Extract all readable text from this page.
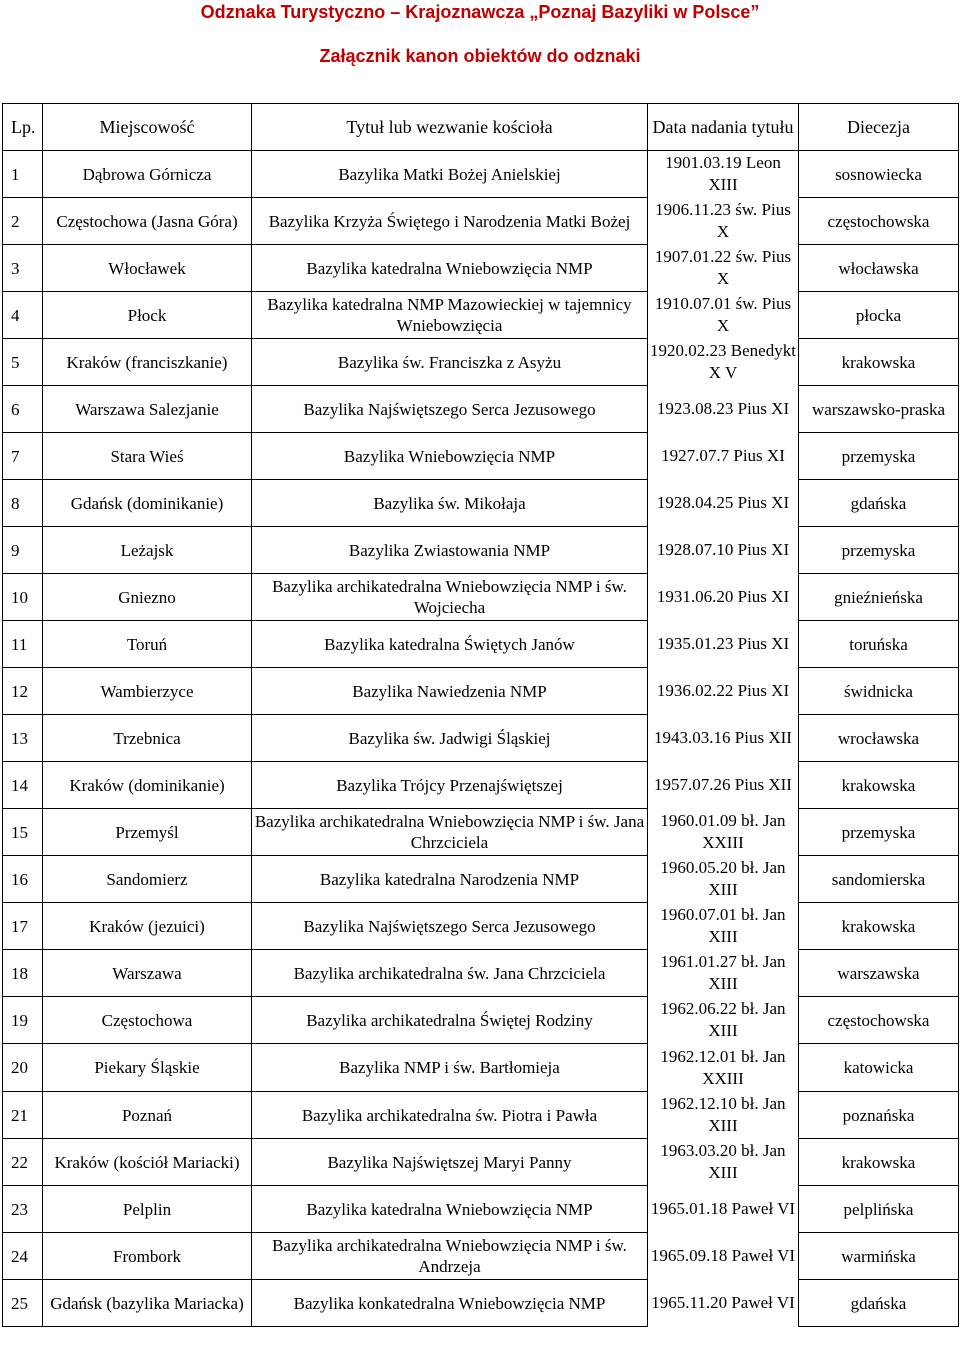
Odznaka Turystyczno – Krajoznawcza „Poznaj Bazyliki w Polsce”
Załącznik kanon obiektów do odznaki
Lp.	Miejscowość	Tytuł lub wezwanie kościoła	Data nadania tytułu	Diecezja
1	Dąbrowa Górnicza	Bazylika Matki Bożej Anielskiej	1901.03.19 Leon XIII	sosnowiecka
2	Częstochowa (Jasna Góra)	Bazylika Krzyża Świętego i Narodzenia Matki Bożej	1906.11.23 św. Pius X	częstochowska
3	Włocławek	Bazylika katedralna Wniebowzięcia NMP	1907.01.22 św. Pius X	włocławska
4	Płock	Bazylika katedralna NMP Mazowieckiej w tajemnicy Wniebowzięcia	1910.07.01 św. Pius X	płocka
5	Kraków (franciszkanie)	Bazylika św. Franciszka z Asyżu	1920.02.23 Benedykt X V	krakowska
6	Warszawa Salezjanie	Bazylika Najświętszego Serca Jezusowego	1923.08.23 Pius XI	warszawsko-praska
7	Stara Wieś	Bazylika Wniebowzięcia NMP	1927.07.7 Pius XI	przemyska
8	Gdańsk (dominikanie)	Bazylika św. Mikołaja	1928.04.25 Pius XI	gdańska
9	Leżajsk	Bazylika Zwiastowania NMP	1928.07.10 Pius XI	przemyska
10	Gniezno	Bazylika archikatedralna Wniebowzięcia NMP i św. Wojciecha	1931.06.20 Pius XI	gnieźnieńska
11	Toruń	Bazylika katedralna Świętych Janów	1935.01.23 Pius XI	toruńska
12	Wambierzyce	Bazylika Nawiedzenia NMP	1936.02.22 Pius XI	świdnicka
13	Trzebnica	Bazylika św. Jadwigi Śląskiej	1943.03.16 Pius XII	wrocławska
14	Kraków (dominikanie)	Bazylika Trójcy Przenajświętszej	1957.07.26 Pius XII	krakowska
15	Przemyśl	Bazylika archikatedralna Wniebowzięcia NMP i św. Jana Chrzciciela	1960.01.09 bł. Jan XXIII	przemyska
16	Sandomierz	Bazylika katedralna Narodzenia NMP	1960.05.20 bł. Jan XIII	sandomierska
17	Kraków (jezuici)	Bazylika Najświętszego Serca Jezusowego	1960.07.01 bł. Jan XIII	krakowska
18	Warszawa	Bazylika archikatedralna św. Jana Chrzciciela	1961.01.27 bł. Jan XIII	warszawska
19	Częstochowa	Bazylika archikatedralna Świętej Rodziny	1962.06.22 bł. Jan XIII	częstochowska
20	Piekary Śląskie	Bazylika NMP i św. Bartłomieja	1962.12.01 bł. Jan XXIII	katowicka
21	Poznań	Bazylika archikatedralna św. Piotra i Pawła	1962.12.10 bł. Jan XIII	poznańska
22	Kraków (kościół Mariacki)	Bazylika Najświętszej Maryi Panny	1963.03.20 bł. Jan XIII	krakowska
23	Pelplin	Bazylika katedralna Wniebowzięcia NMP	1965.01.18 Paweł VI	pelplińska
24	Frombork	Bazylika archikatedralna Wniebowzięcia NMP i św. Andrzeja	1965.09.18 Paweł VI	warmińska
25	Gdańsk (bazylika Mariacka)	Bazylika konkatedralna Wniebowzięcia NMP	1965.11.20 Paweł VI	gdańska
